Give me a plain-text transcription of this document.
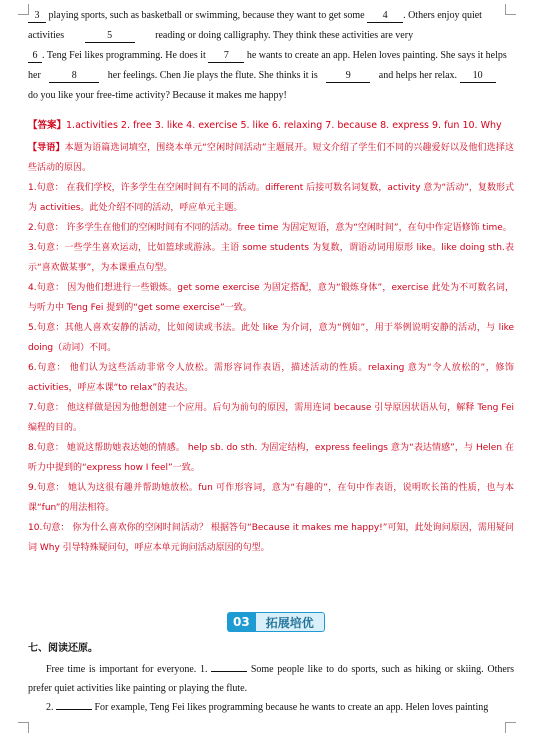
3 playing sports, such as basketball or swimming, because they want to get some 4 . Others enjoy quiet

activities	5	reading or doing calligraphy. They think these activities are very

6 . Teng Fei likes programming. He does it 7 he wants to create an app. Helen loves painting. She says it helps

her	8	her feelings. Chen Jie plays the flute. She thinks it is	9	and helps her relax. 10

do you like your free-time activity? Because it makes me happy!

【答案】1.activities 2. free 3. like 4. exercise 5. like 6. relaxing 7. because 8. express 9. fun 10. Why

【导语】本题为语篇选词填空，围绕本单元“空闲时间活动”主题展开。短文介绍了学生们不同的兴趣爱好以及他们选择这些活动的原因。

1.句意： 在我们学校，许多学生在空闲时间有不同的活动。different 后接可数名词复数，activity 意为“活动”，复数形式为 activities。此处介绍不同的活动，呼应单元主题。

2.句意： 许多学生在他们的空闲时间有不同的活动。free time 为固定短语，意为“空闲时间”，在句中作定语修饰 time。

3.句意：一些学生喜欢运动，比如篮球或游泳。主语 some students 为复数，谓语动词用原形 like。like doing sth.表示“喜欢做某事”，为本课重点句型。

4.句意： 因为他们想进行一些锻炼。get some exercise 为固定搭配，意为“锻炼身体”，exercise 此处为不可数名词，与听力中 Teng Fei 提到的“get some exercise”一致。

5.句意：其他人喜欢安静的活动，比如阅读或书法。此处 like 为介词，意为“例如”，用于举例说明安静的活动，与 like doing（动词）不同。

6.句意： 他们认为这些活动非常令人放松。需形容词作表语，描述活动的性质。relaxing 意为“令人放松的”，修饰 activities，呼应本课“to relax”的表达。

7.句意： 他这样做是因为他想创建一个应用。后句为前句的原因，需用连词 because 引导原因状语从句，解释 Teng Fei 编程的目的。

8.句意： 她说这帮助她表达她的情感。 help sb. do sth. 为固定结构，express feelings 意为“表达情感”，与 Helen 在听力中提到的“express how I feel”一致。

9.句意： 她认为这很有趣并帮助她放松。fun 可作形容词，意为“有趣的”，在句中作表语，说明吹长笛的性质，也与本课“fun”的用法相符。

10.句意： 你为什么喜欢你的空闲时间活动？ 根据答句“Because it makes me happy!”可知，此处询问原因，需用疑问词 Why 引导特殊疑问句，呼应本单元询问活动原因的句型。

03	拓展培优
七、阅读还原。

Free time is important for everyone. 1.	Some people like to do sports, such as hiking or skiing. Others prefer quiet activities like painting or playing the flute.

2.	For example, Teng Fei likes programming because he wants to create an app. Helen loves painting
